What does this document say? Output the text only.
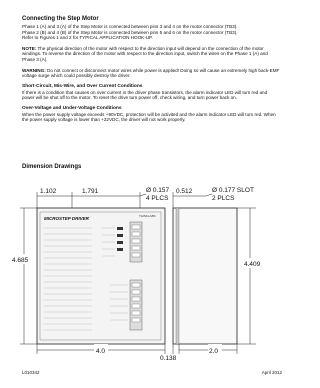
Connecting the Step Motor

Phase 1 (A) and 3 (A) of the Step Motor is connected between pins 3 and 4 on the motor connector (TB3).

Phase 2 (B) and 4 (B) of the Step Motor is connected between pins 5 and 6 on the motor connector (TB3).

Refer to Figures 1 and 2 for TYPICAL APPLICATION HOOK-UP.

NOTE: The physical direction of the motor with respect to the direction input will depend on the connection of the motor windings. To reverse the direction of the motor with respect to the direction input, switch the wires on the Phase 1 (A) and Phase 3 (A).

WARNING: Do not connect or disconnect motor wires while power is applied! Doing so will cause an extremely high back-EMF voltage surge which could possibly destroy the driver.

Short-Circuit, Mis-Wire, and Over Current Conditions

If there is a condition that causes on over current in the driver phase transistors, the alarm indicator LED will turn red and power will be shut off to the motor. To reset the drive turn power off, check wiring, and turn power back on.

Over-Voltage and Under-Voltage Conditions

When the power supply voltage exceeds +90VDC, protection will be activited and the alarm indicator LED will turn red. When the power supply voltage is lower than +22VDC, the driver will not work properly.

Dimension Drawings
1.102	1.791	Ø 0.157
4 PLCS
MICROSTEP DRIVER	THINKLABS
4.685
4.0
0.512	Ø 0.177 SLOT
2 PLCS
4.409
0.138
2.0
L010342	April 2012
